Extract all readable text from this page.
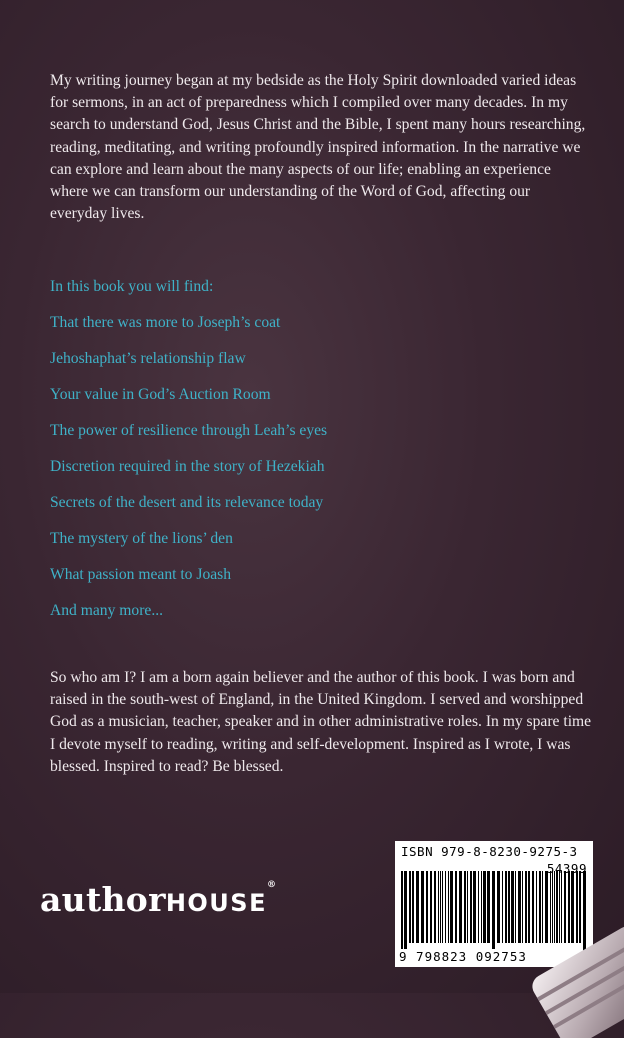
My writing journey began at my bedside as the Holy Spirit downloaded varied ideas for sermons, in an act of preparedness which I compiled over many decades. In my search to understand God, Jesus Christ and the Bible, I spent many hours researching, reading, meditating, and writing profoundly inspired information. In the narrative we can explore and learn about the many aspects of our life; enabling an experience where we can transform our understanding of the Word of God, affecting our everyday lives.

In this book you will find:
That there was more to Joseph’s coat
Jehoshaphat’s relationship flaw
Your value in God’s Auction Room
The power of resilience through Leah’s eyes
Discretion required in the story of Hezekiah
Secrets of the desert and its relevance today
The mystery of the lions’ den
What passion meant to Joash
And many more...

So who am I? I am a born again believer and the author of this book. I was born and raised in the south-west of England, in the United Kingdom. I served and worshipped God as a musician, teacher, speaker and in other administrative roles. In my spare time I devote myself to reading, writing and self-development. Inspired as I wrote, I was blessed. Inspired to read? Be blessed.

authorHOUSE®
ISBN 979-8-8230-9275-3
54399
9 798823 092753
